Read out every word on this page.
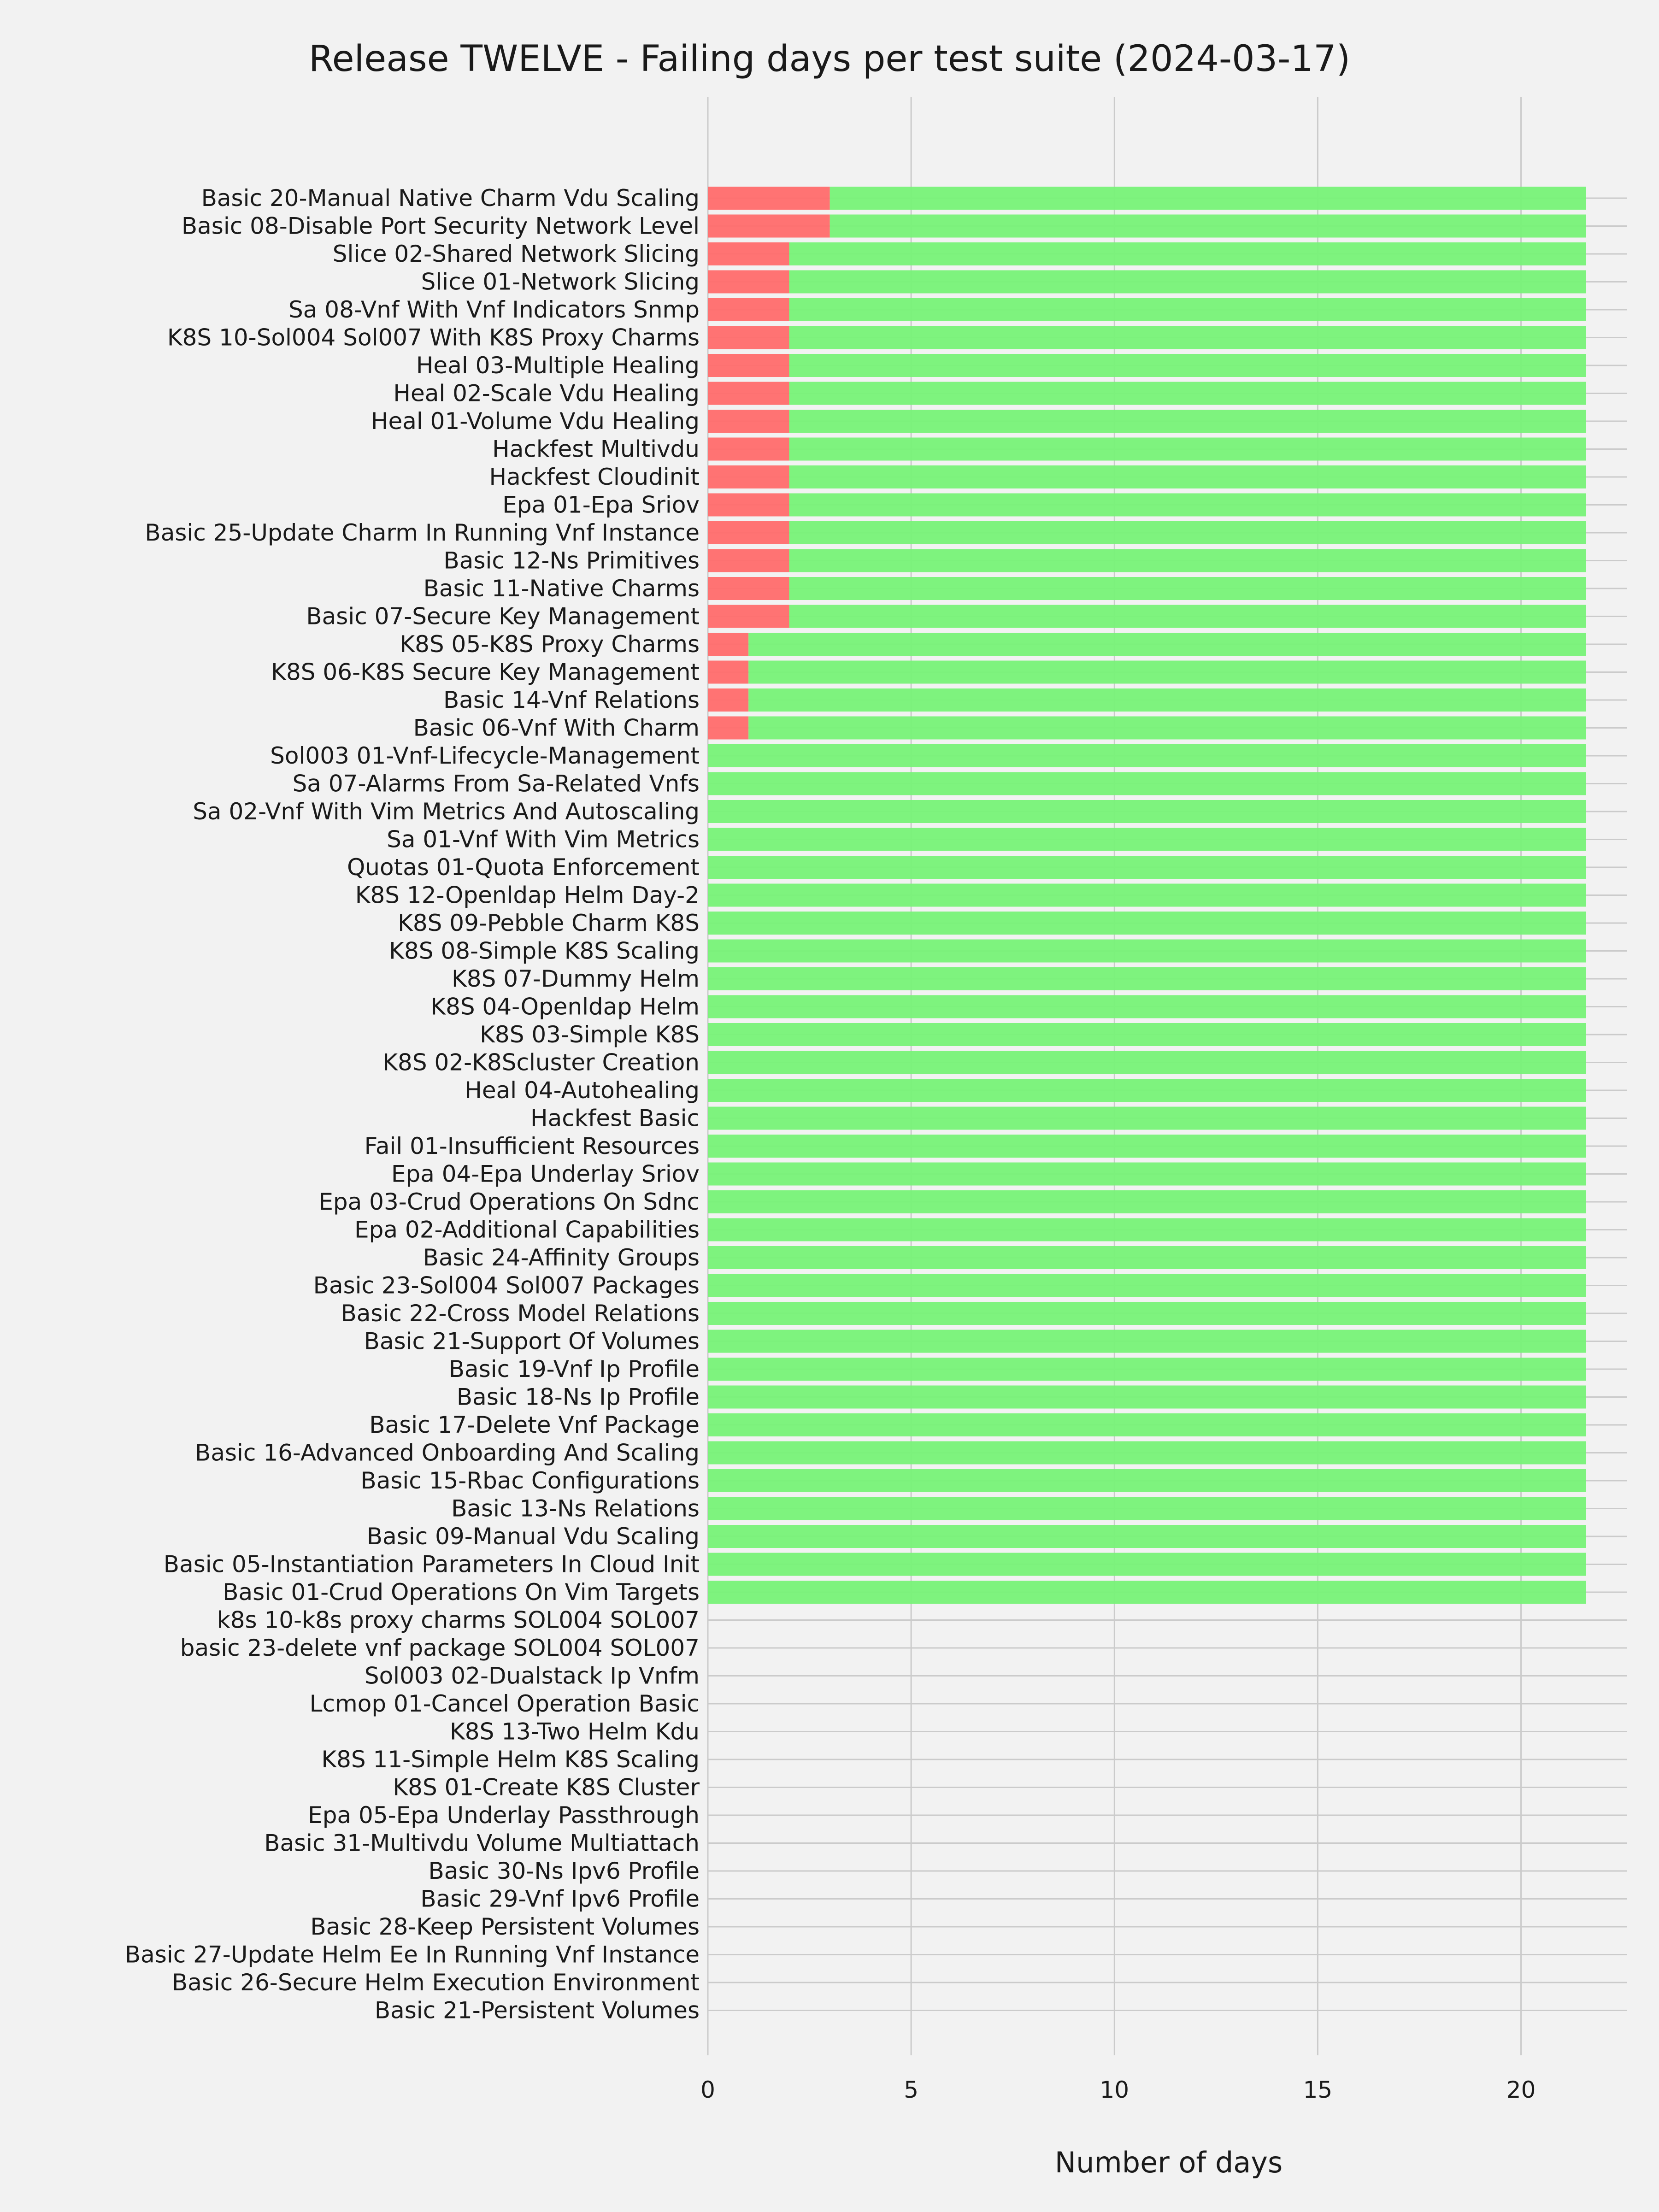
Release TWELVE - Failing days per test suite (2024-03-17)
Basic 20-Manual Native Charm Vdu Scaling
Basic 08-Disable Port Security Network Level
Slice 02-Shared Network Slicing
Slice 01-Network Slicing
Sa 08-Vnf With Vnf Indicators Snmp
K8S 10-Sol004 Sol007 With K8S Proxy Charms
Heal 03-Multiple Healing
Heal 02-Scale Vdu Healing
Heal 01-Volume Vdu Healing
Hackfest Multivdu
Hackfest Cloudinit
Epa 01-Epa Sriov
Basic 25-Update Charm In Running Vnf Instance
Basic 12-Ns Primitives
Basic 11-Native Charms
Basic 07-Secure Key Management
K8S 05-K8S Proxy Charms
K8S 06-K8S Secure Key Management
Basic 14-Vnf Relations
Basic 06-Vnf With Charm
Sol003 01-Vnf-Lifecycle-Management
Sa 07-Alarms From Sa-Related Vnfs
Sa 02-Vnf With Vim Metrics And Autoscaling
Sa 01-Vnf With Vim Metrics
Quotas 01-Quota Enforcement
K8S 12-Openldap Helm Day-2
K8S 09-Pebble Charm K8S
K8S 08-Simple K8S Scaling
K8S 07-Dummy Helm
K8S 04-Openldap Helm
K8S 03-Simple K8S
K8S 02-K8Scluster Creation
Heal 04-Autohealing
Hackfest Basic
Fail 01-Insufficient Resources
Epa 04-Epa Underlay Sriov
Epa 03-Crud Operations On Sdnc
Epa 02-Additional Capabilities
Basic 24-Affinity Groups
Basic 23-Sol004 Sol007 Packages
Basic 22-Cross Model Relations
Basic 21-Support Of Volumes
Basic 19-Vnf Ip Profile
Basic 18-Ns Ip Profile
Basic 17-Delete Vnf Package
Basic 16-Advanced Onboarding And Scaling
Basic 15-Rbac Configurations
Basic 13-Ns Relations
Basic 09-Manual Vdu Scaling
Basic 05-Instantiation Parameters In Cloud Init
Basic 01-Crud Operations On Vim Targets
k8s 10-k8s proxy charms SOL004 SOL007
basic 23-delete vnf package SOL004 SOL007
Sol003 02-Dualstack Ip Vnfm
Lcmop 01-Cancel Operation Basic
K8S 13-Two Helm Kdu
K8S 11-Simple Helm K8S Scaling
K8S 01-Create K8S Cluster
Epa 05-Epa Underlay Passthrough
Basic 31-Multivdu Volume Multiattach
Basic 30-Ns Ipv6 Profile
Basic 29-Vnf Ipv6 Profile
Basic 28-Keep Persistent Volumes
Basic 27-Update Helm Ee In Running Vnf Instance
Basic 26-Secure Helm Execution Environment
Basic 21-Persistent Volumes
0	5	10	15	20
Number of days
